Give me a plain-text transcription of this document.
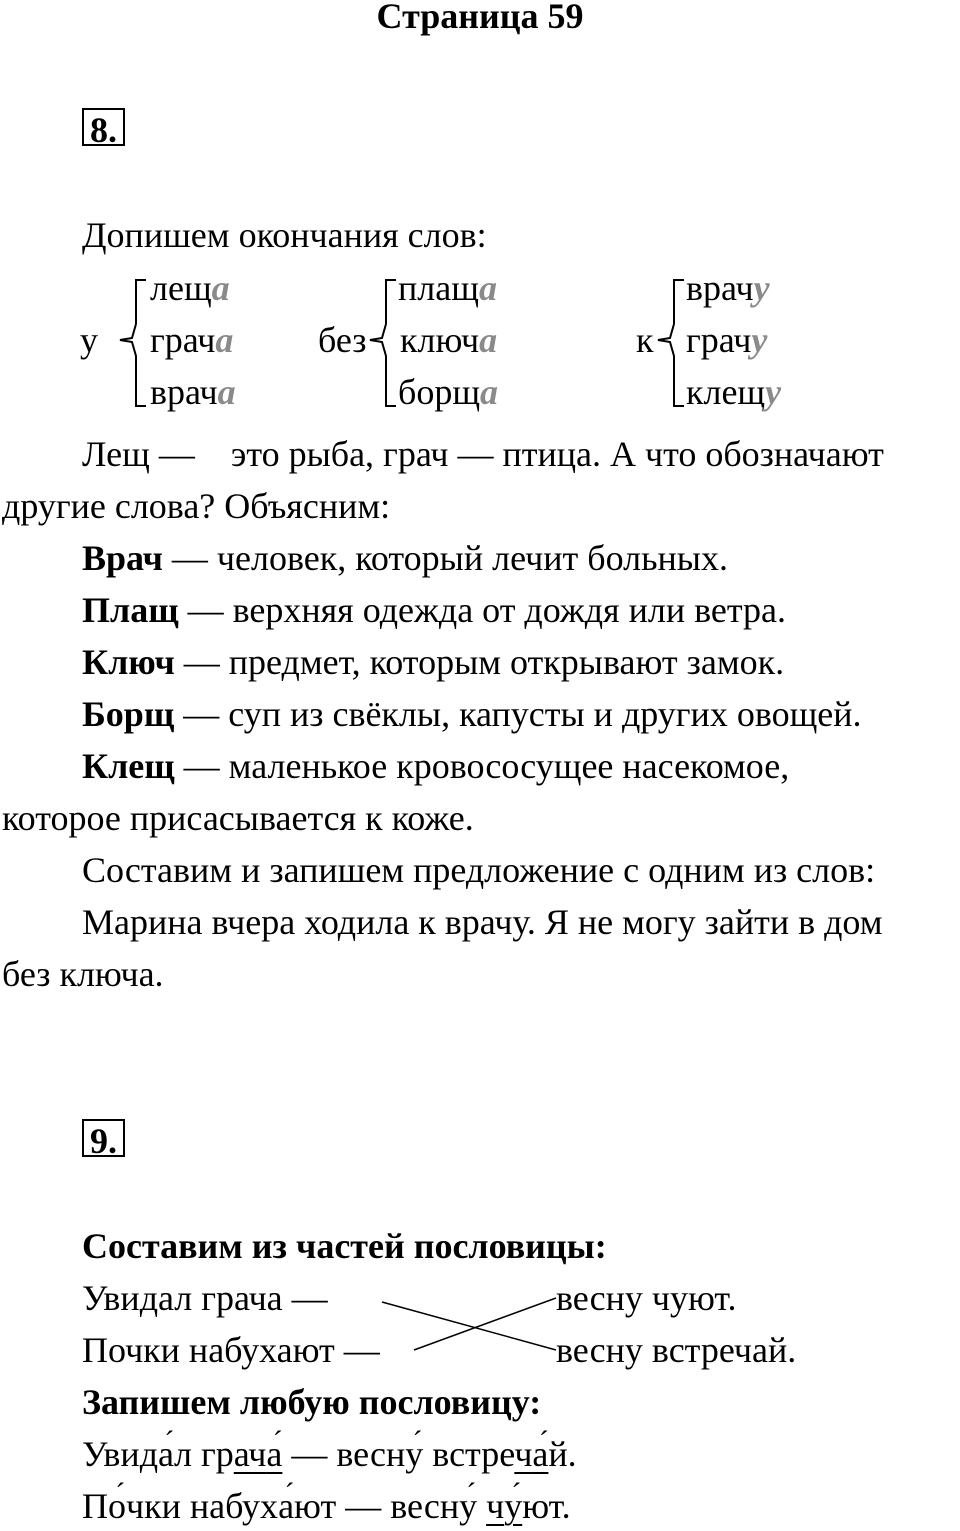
Страница 59
8.
Допишем окончания слов:
у
леща
грача
врача
без
плаща
ключа
борща
к
врачу
грачу
клещу
Лещ —    это рыба, грач — птица. А что обозначают
другие слова? Объясним:
Врач — человек, который лечит больных.
Плащ — верхняя одежда от дождя или ветра.
Ключ — предмет, которым открывают замок.
Борщ — суп из свёклы, капусты и других овощей.
Клещ — маленькое кровососущее насекомое,
которое присасывается к коже.
Составим и запишем предложение с одним из слов:
Марина вчера ходила к врачу. Я не могу зайти в дом
без ключа.
9.
Составим из частей пословицы:
Увидал грача —
Почки набухают —
весну чуют.
весну встречай.
Запишем любую пословицу:
Увида ´л грача ´ — весну ´ встреча ´й.
По ´чки набуха ´ют — весну ´ чу ´ют.
